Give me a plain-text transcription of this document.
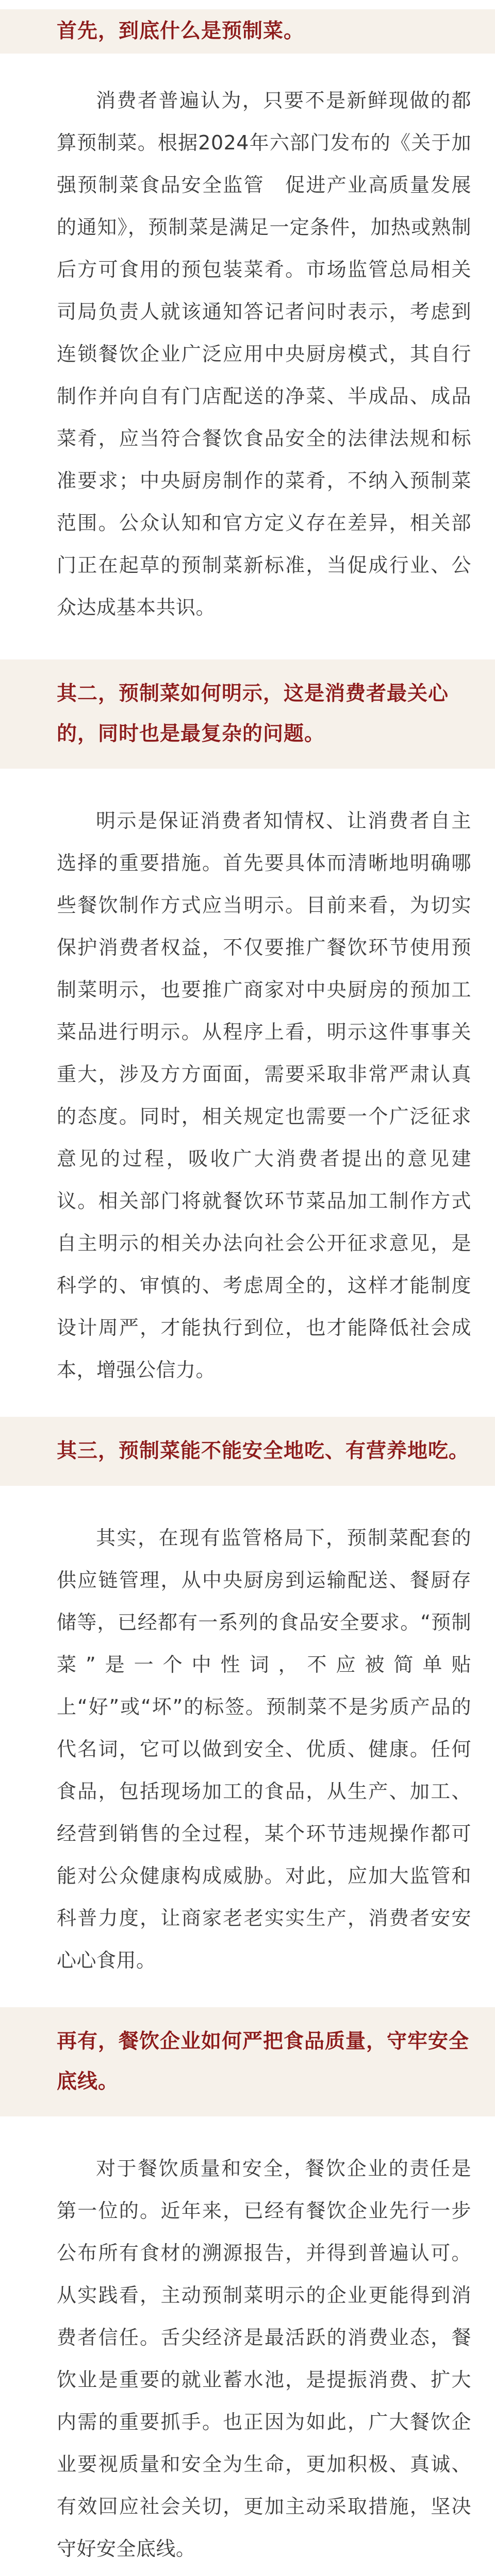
首先，到底什么是预制菜。

消费者普遍认为，只要不是新鲜现做的都算预制菜。根据2024年六部门发布的《关于加强预制菜食品安全监管　促进产业高质量发展的通知》，预制菜是满足一定条件，加热或熟制后方可食用的预包装菜肴。市场监管总局相关司局负责人就该通知答记者问时表示，考虑到连锁餐饮企业广泛应用中央厨房模式，其自行制作并向自有门店配送的净菜、半成品、成品菜肴，应当符合餐饮食品安全的法律法规和标准要求；中央厨房制作的菜肴，不纳入预制菜范围。公众认知和官方定义存在差异，相关部门正在起草的预制菜新标准，当促成行业、公众达成基本共识。

其二，预制菜如何明示，这是消费者最关心的，同时也是最复杂的问题。

明示是保证消费者知情权、让消费者自主选择的重要措施。首先要具体而清晰地明确哪些餐饮制作方式应当明示。目前来看，为切实保护消费者权益，不仅要推广餐饮环节使用预制菜明示，也要推广商家对中央厨房的预加工菜品进行明示。从程序上看，明示这件事事关重大，涉及方方面面，需要采取非常严肃认真的态度。同时，相关规定也需要一个广泛征求意见的过程，吸收广大消费者提出的意见建议。相关部门将就餐饮环节菜品加工制作方式自主明示的相关办法向社会公开征求意见，是科学的、审慎的、考虑周全的，这样才能制度设计周严，才能执行到位，也才能降低社会成本，增强公信力。

其三，预制菜能不能安全地吃、有营养地吃。

其实，在现有监管格局下，预制菜配套的供应链管理，从中央厨房到运输配送、餐厨存储等，已经都有一系列的食品安全要求。“预制菜”是一个中性词，不应被简单贴上“好”或“坏”的标签。预制菜不是劣质产品的代名词，它可以做到安全、优质、健康。任何食品，包括现场加工的食品，从生产、加工、经营到销售的全过程，某个环节违规操作都可能对公众健康构成威胁。对此，应加大监管和科普力度，让商家老老实实生产，消费者安安心心食用。

再有，餐饮企业如何严把食品质量，守牢安全底线。

对于餐饮质量和安全，餐饮企业的责任是第一位的。近年来，已经有餐饮企业先行一步公布所有食材的溯源报告，并得到普遍认可。从实践看，主动预制菜明示的企业更能得到消费者信任。舌尖经济是最活跃的消费业态，餐饮业是重要的就业蓄水池，是提振消费、扩大内需的重要抓手。也正因为如此，广大餐饮企业要视质量和安全为生命，更加积极、真诚、有效回应社会关切，更加主动采取措施，坚决守好安全底线。
